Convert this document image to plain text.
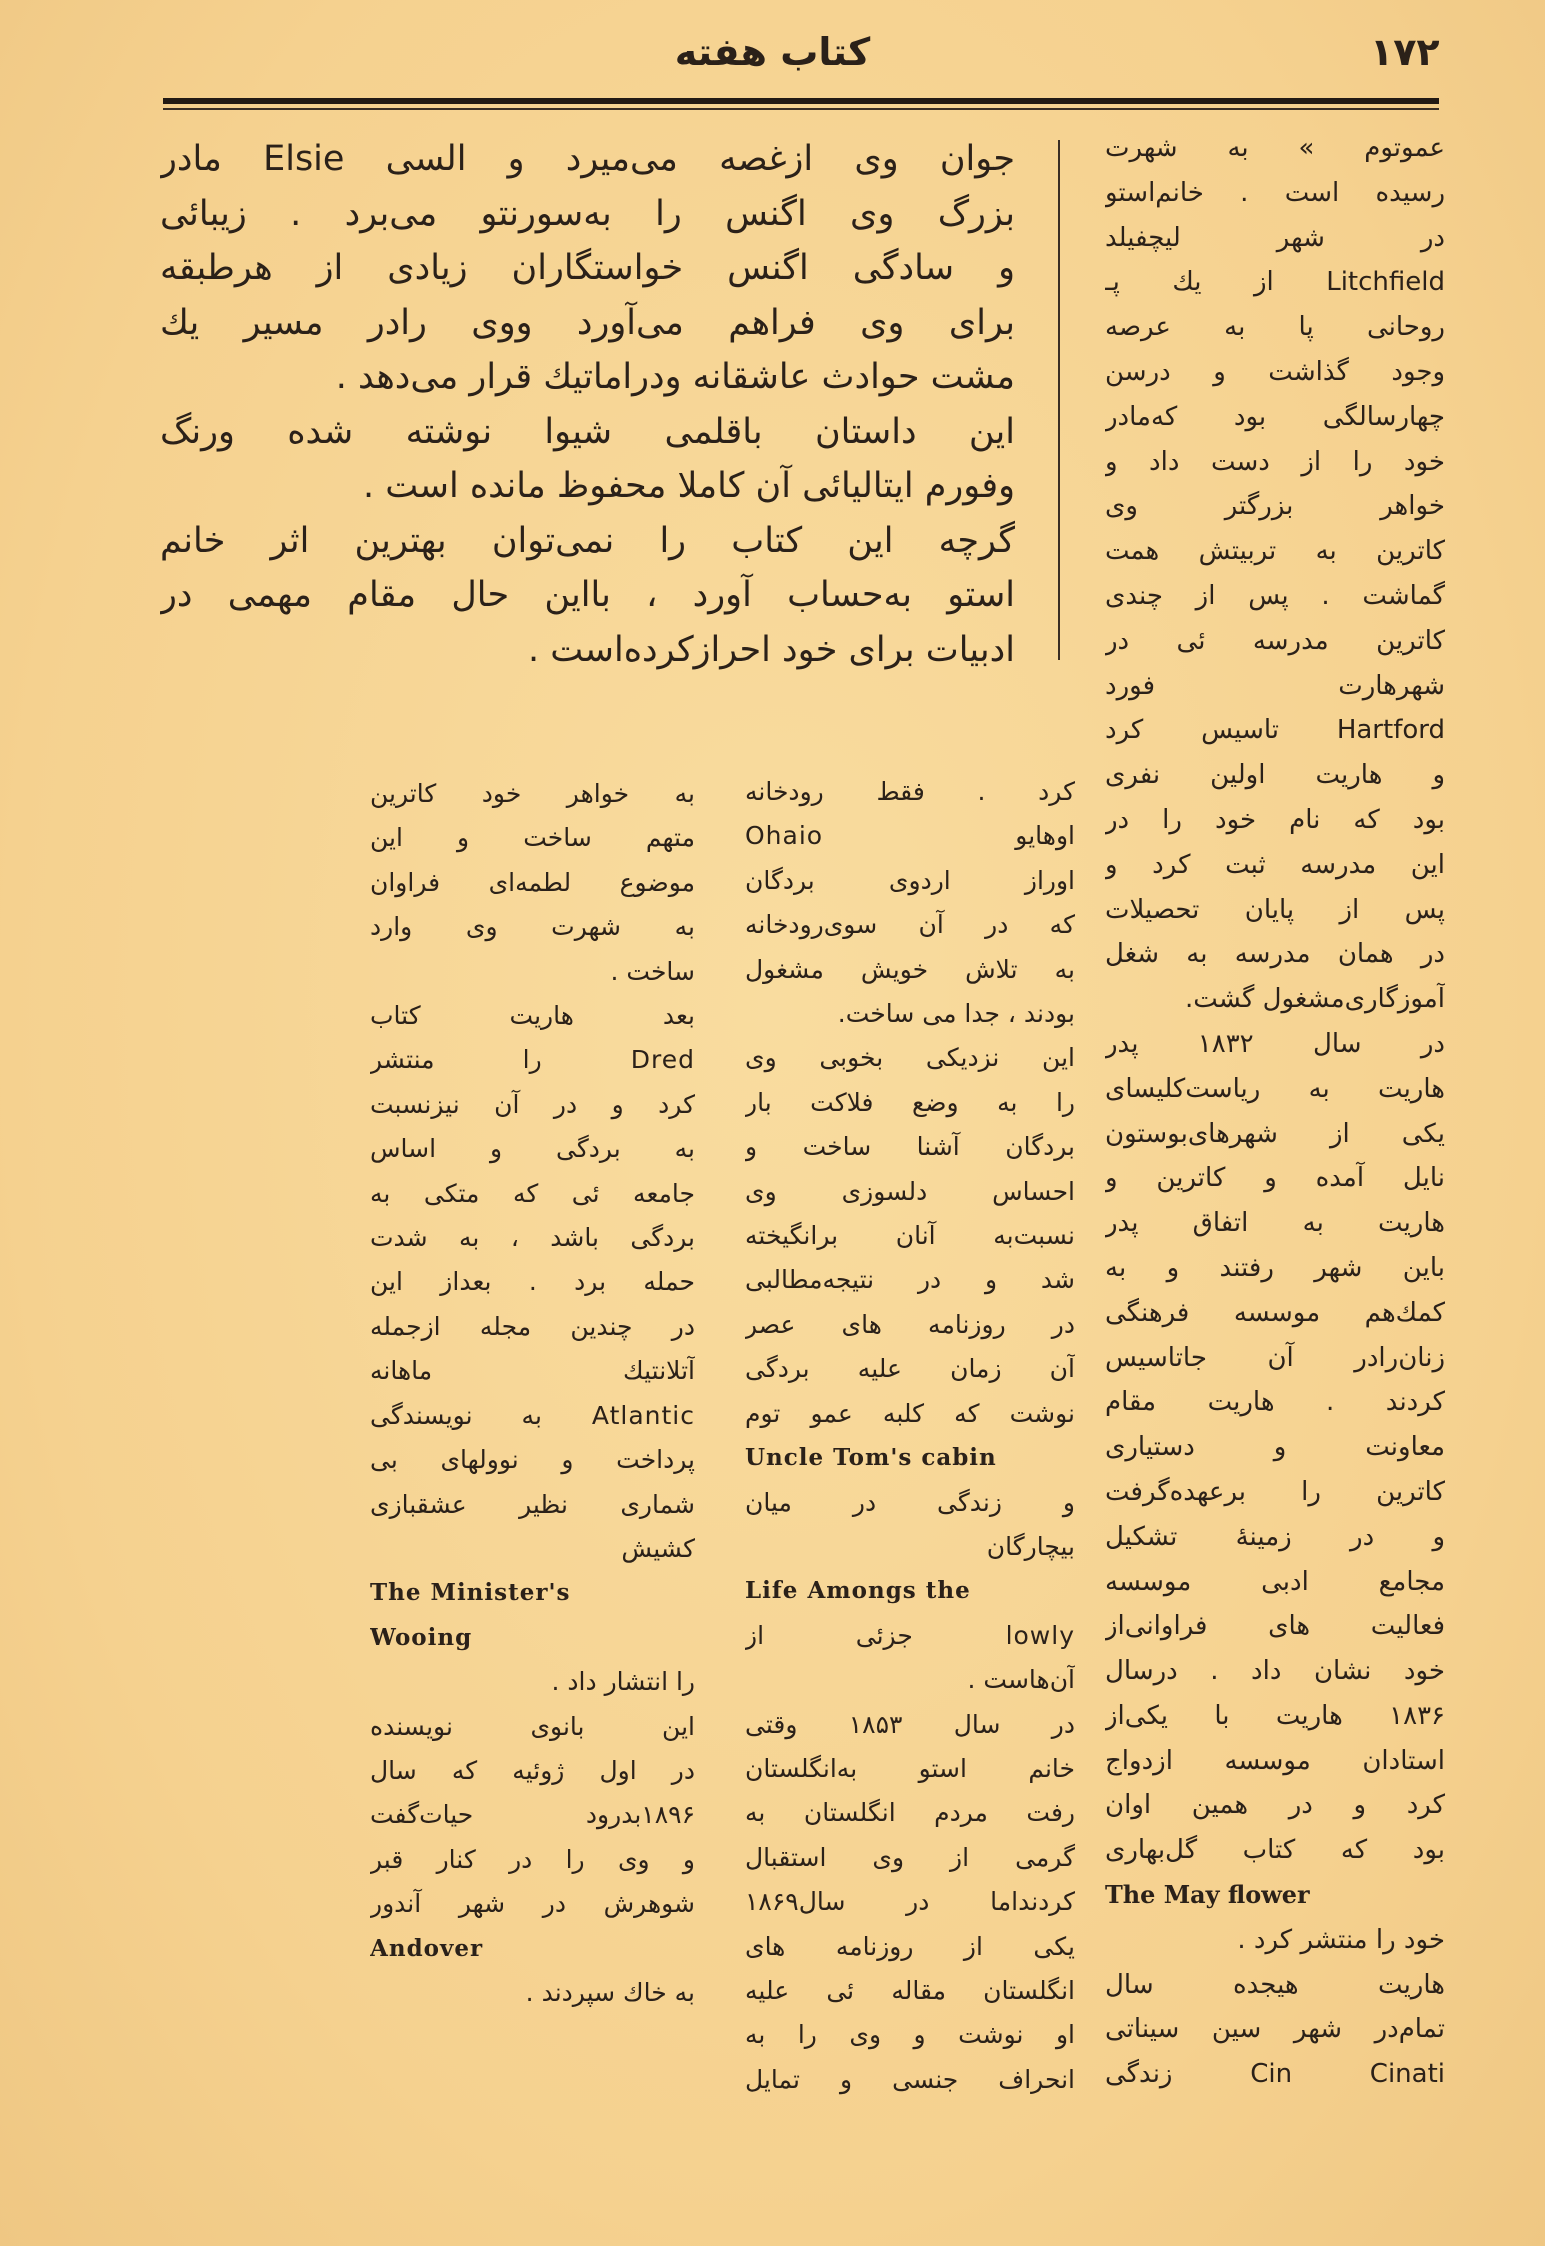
کتاب هفته	۱۷۲
جوان وی ازغصه می‌میرد و السی Elsie مادر
بزرگ وی اگنس را به‌سورنتو می‌برد . زیبائی
و سادگی اگنس خواستگاران زیادی از هرطبقه
برای وی فراهم می‌آورد ووی رادر مسیر یك
مشت حوادث عاشقانه ودراماتیك قرار می‌دهد .
این داستان باقلمی شیوا نوشته شده ورنگ
وفورم ایتالیائی آن کاملا محفوظ مانده است .
گرچه این کتاب را نمی‌توان بهترین اثر خانم
استو به‌حساب آورد ، بااین حال مقام مهمی در
ادبیات برای خود احرازکرده‌است .
عموتوم » به شهرت
رسیده است . خانم‌استو
در شهر لیچفیلد
Litchfield از یك پـ
روحانی پا به عرصه
وجود گذاشت و درسن
چهارسالگی بود که‌مادر
خود را از دست داد و
خواهر بزرگتر وی
کاترین به تربیتش همت
گماشت . پس از چندی
کاترین مدرسه ئی در
شهرهارت فورد
Hartford تاسیس کرد
و هاریت اولین نفری
بود که نام خود را در
این مدرسه ثبت کرد و
پس از پایان تحصیلات
در همان مدرسه به شغل
آموزگاری‌مشغول گشت.
در سال ۱۸۳۲ پدر
هاریت به ریاست‌کلیسای
یکی از شهرهای‌بوستون
نایل آمده و کاترین و
هاریت به اتفاق پدر
باین شهر رفتند و به
کمك‌هم موسسه فرهنگی
زنان‌رادر آن جاتاسیس
کردند . هاریت مقام
معاونت و دستیاری
کاترین را برعهده‌گرفت
و در زمینهٔ تشکیل
مجامع ادبی موسسه
فعالیت های فراوانی‌از
خود نشان داد . درسال
۱۸۳۶ هاریت با یکی‌از
استادان موسسه ازدواج
کرد و در همین اوان
بود که کتاب گل‌بهاری
The May flower
خود را منتشر کرد .
هاریت هیجده سال
تمام‌در شهر سین سیناتی
Cin Cinati زندگی
کرد . فقط رودخانه
اوهایو Ohaio
اوراز اردوی بردگان
که در آن سوی‌رودخانه
به تلاش خویش مشغول
بودند ، جدا می ساخت.
این نزدیکی بخوبی وی
را به وضع فلاکت بار
بردگان آشنا ساخت و
احساس دلسوزی وی
نسبت‌به آنان برانگیخته
شد و در نتیجه‌مطالبی
در روزنامه های عصر
آن زمان علیه بردگی
نوشت که کلبه عمو توم
Uncle Tom's cabin
و زندگی در میان
بیچارگان
Life Amongs the
lowly جزئی از
آن‌هاست .
در سال ۱۸۵۳ وقتی
خانم استو به‌انگلستان
رفت مردم انگلستان به
گرمی از وی استقبال
کردنداما در سال۱۸۶۹
یکی از روزنامه های
انگلستان مقاله ئی علیه
او نوشت و وی را به
انحراف جنسی و تمایل
به خواهر خود کاترین
متهم ساخت و این
موضوع لطمه‌ای فراوان
به شهرت وی وارد
ساخت .
بعد هاریت کتاب
Dred را منتشر
کرد و در آن نیزنسبت
به بردگی و اساس
جامعه ئی که متکی به
بردگی باشد ، به شدت
حمله برد . بعداز این
در چندین مجله ازجمله
آتلانتیك ماهانه
Atlantic به نویسندگی
پرداخت و نوولهای بی
شماری نظیر عشقبازی
کشیش
The Minister's
Wooing
را انتشار داد .
این بانوی نویسنده
در اول ژوئیه که سال
۱۸۹۶بدرود حیات‌گفت
و وی را در کنار قبر
شوهرش در شهر آندور
Andover
به خاك سپردند .
